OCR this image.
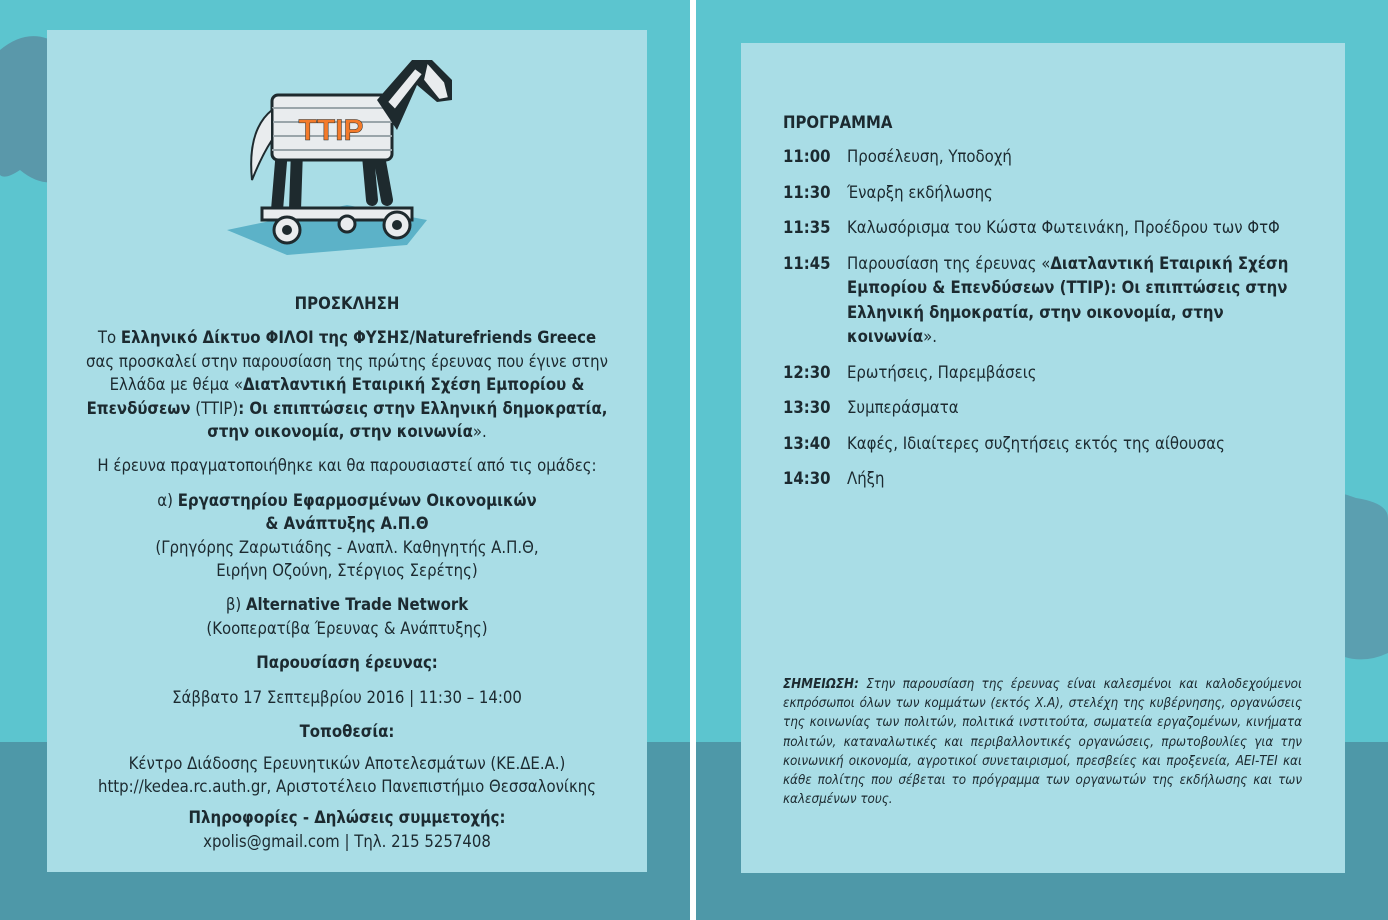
TTIP

ΠΡΟΣΚΛΗΣΗ

Το Ελληνικό Δίκτυο ΦΙΛΟΙ της ΦΥΣΗΣ/Naturefriends Greece
σας προσκαλεί στην παρουσίαση της πρώτης έρευνας που έγινε στην
Ελλάδα με θέμα «Διατλαντική Εταιρική Σχέση Εμπορίου &
Επενδύσεων (TTIP): Οι επιπτώσεις στην Ελληνική δημοκρατία,
στην οικονομία, στην κοινωνία».

Η έρευνα πραγματοποιήθηκε και θα παρουσιαστεί από τις ομάδες:

α) Εργαστηρίου Εφαρμοσμένων Οικονομικών
& Ανάπτυξης Α.Π.Θ
(Γρηγόρης Ζαρωτιάδης - Αναπλ. Καθηγητής Α.Π.Θ,
Ειρήνη Οζούνη, Στέργιος Σερέτης)

β) Alternative Trade Network
(Κοοπερατίβα Έρευνας & Ανάπτυξης)

Παρουσίαση έρευνας:

Σάββατο 17 Σεπτεμβρίου 2016 | 11:30 – 14:00

Τοποθεσία:

Κέντρο Διάδοσης Ερευνητικών Αποτελεσμάτων (ΚΕ.ΔΕ.Α.)
http://kedea.rc.auth.gr, Αριστοτέλειο Πανεπιστήμιο Θεσσαλονίκης

Πληροφορίες - Δηλώσεις συμμετοχής:

xpolis@gmail.com | Τηλ. 215 5257408

ΠΡΟΓΡΑΜΜΑ
11:00 Προσέλευση, Υποδοχή
11:30 Έναρξη εκδήλωσης
11:35 Καλωσόρισμα του Κώστα Φωτεινάκη, Προέδρου των ΦτΦ
11:45 Παρουσίαση της έρευνας «Διατλαντική Εταιρική Σχέση Εμπορίου & Επενδύσεων (TTIP): Οι επιπτώσεις στην Ελληνική δημοκρατία, στην οικονομία, στην κοινωνία».
12:30 Ερωτήσεις, Παρεμβάσεις
13:30 Συμπεράσματα
13:40 Καφές, Ιδιαίτερες συζητήσεις εκτός της αίθουσας
14:30 Λήξη
ΣΗΜΕΙΩΣΗ: Στην παρουσίαση της έρευνας είναι καλεσμένοι και καλοδεχούμενοι εκπρόσωποι όλων των κομμάτων (εκτός Χ.Α), στελέχη της κυβέρνησης, οργανώσεις της κοινωνίας των πολιτών, πολιτικά ινστιτούτα, σωματεία εργαζομένων, κινήματα πολιτών, καταναλωτικές και περιβαλλοντικές οργανώσεις, πρωτοβουλίες για την κοινωνική οικονομία, αγροτικοί συνεταιρισμοί, πρεσβείες και προξενεία, ΑΕΙ-ΤΕΙ και κάθε πολίτης που σέβεται το πρόγραμμα των οργανωτών της εκδήλωσης και των καλεσμένων τους.
